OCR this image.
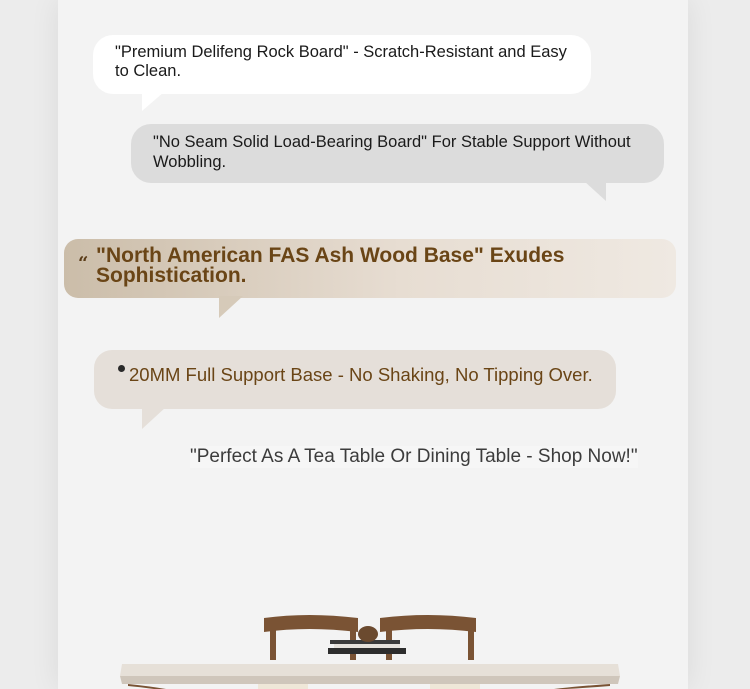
"Premium Delifeng Rock Board" - Scratch-Resistant and Easy to Clean.
"No Seam Solid Load-Bearing Board" For Stable Support Without Wobbling.
“ "North American FAS Ash Wood Base" Exudes Sophistication.
20MM Full Support Base - No Shaking, No Tipping Over.
"Perfect As A Tea Table Or Dining Table - Shop Now!"
